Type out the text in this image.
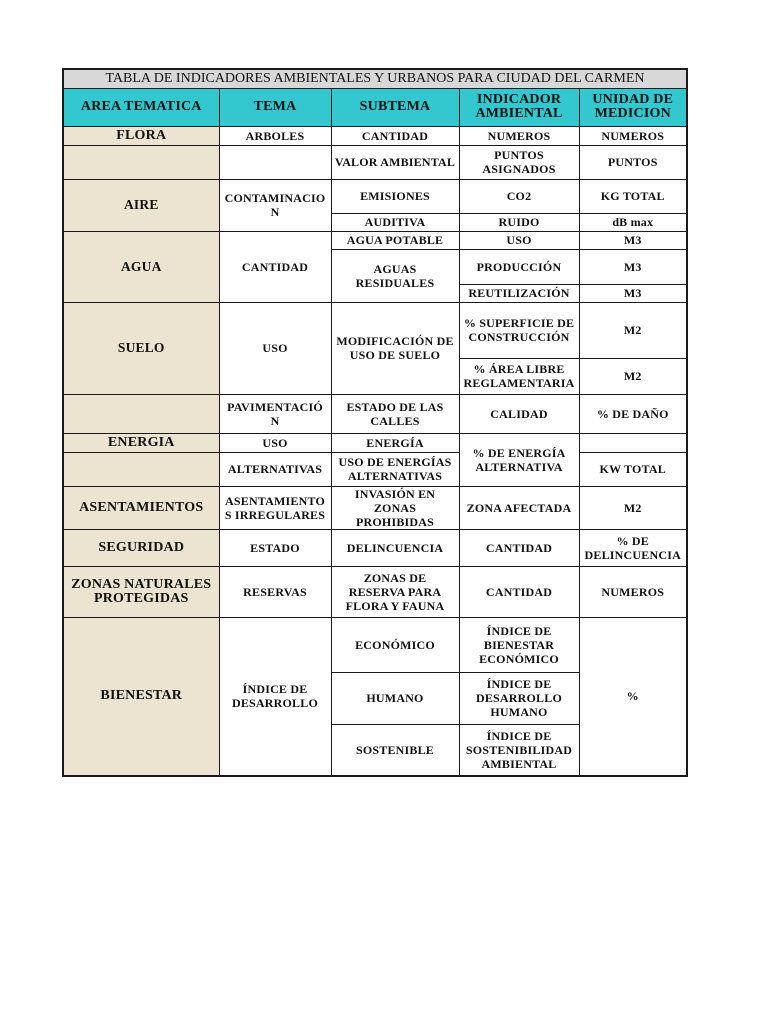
TABLA DE INDICADORES AMBIENTALES Y URBANOS PARA CIUDAD DEL CARMEN				
AREA TEMATICA	TEMA	SUBTEMA	INDICADOR AMBIENTAL	UNIDAD DE MEDICION
FLORA	ARBOLES	CANTIDAD	NUMEROS	NUMEROS
		VALOR AMBIENTAL	PUNTOS ASIGNADOS	PUNTOS
AIRE	CONTAMINACIO N	EMISIONES	CO2	KG TOTAL
		AUDITIVA	RUIDO	dB max
AGUA	CANTIDAD	AGUA POTABLE	USO	M3
		AGUAS RESIDUALES	PRODUCCIÓN	M3
			REUTILIZACIÓN	M3
SUELO	USO	MODIFICACIÓN DE USO DE SUELO	% SUPERFICIE DE CONSTRUCCIÓN	M2
			% ÁREA LIBRE REGLAMENTARIA	M2
	PAVIMENTACIÓ N	ESTADO DE LAS CALLES	CALIDAD	% DE DAÑO
ENERGIA	USO	ENERGÍA	% DE ENERGÍA ALTERNATIVA	
	ALTERNATIVAS	USO DE ENERGÍAS ALTERNATIVAS		KW TOTAL
ASENTAMIENTOS	ASENTAMIENTO S IRREGULARES	INVASIÓN EN ZONAS PROHIBIDAS	ZONA AFECTADA	M2
SEGURIDAD	ESTADO	DELINCUENCIA	CANTIDAD	% DE DELINCUENCIA
ZONAS NATURALES PROTEGIDAS	RESERVAS	ZONAS DE RESERVA PARA FLORA Y FAUNA	CANTIDAD	NUMEROS
BIENESTAR	ÍNDICE DE DESARROLLO	ECONÓMICO	ÍNDICE DE BIENESTAR ECONÓMICO	%
		HUMANO	ÍNDICE DE DESARROLLO HUMANO	
		SOSTENIBLE	ÍNDICE DE SOSTENIBILIDAD AMBIENTAL	
